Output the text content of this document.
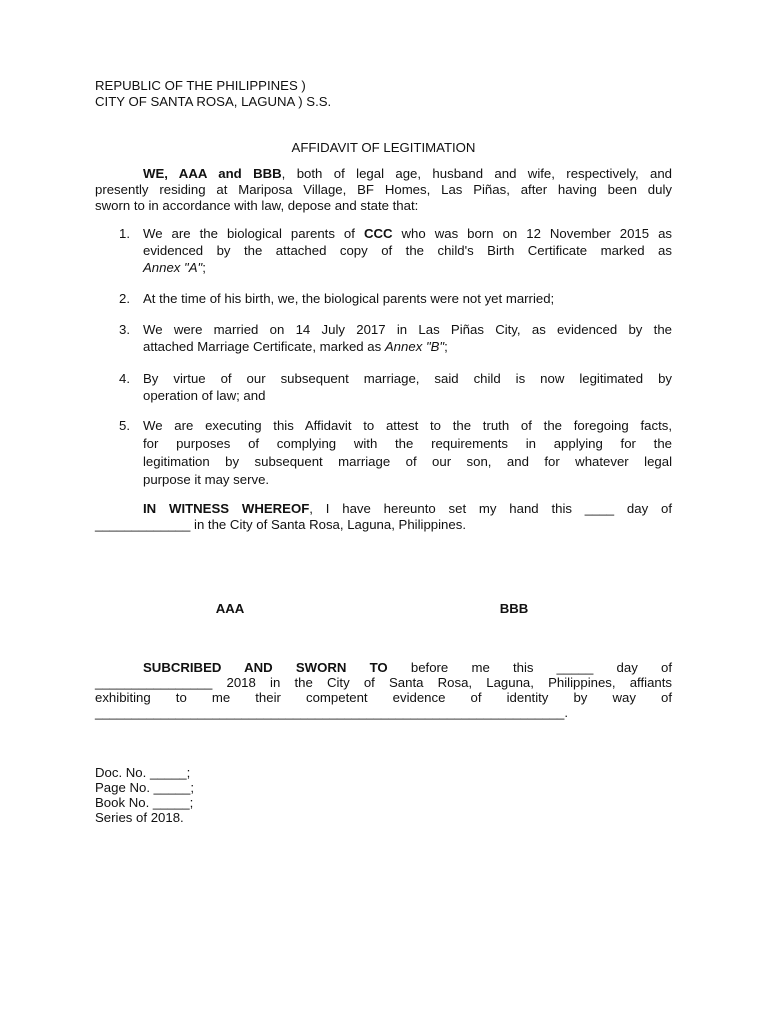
REPUBLIC OF THE PHILIPPINES )
CITY OF SANTA ROSA, LAGUNA ) S.S.
AFFIDAVIT OF LEGITIMATION
WE, AAA and BBB, both of legal age, husband and wife, respectively, and
presently residing at Mariposa Village, BF Homes, Las Piñas, after having been duly
sworn to in accordance with law, depose and state that:
1. We are the biological parents of CCC who was born on 12 November 2015 as
evidenced by the attached copy of the child's Birth Certificate marked as
Annex "A";
2. At the time of his birth, we, the biological parents were not yet married;
3. We were married on 14 July 2017 in Las Piñas City, as evidenced by the
attached Marriage Certificate, marked as Annex "B";
4. By virtue of our subsequent marriage, said child is now legitimated by
operation of law; and
5. We are executing this Affidavit to attest to the truth of the foregoing facts,
for purposes of complying with the requirements in applying for the
legitimation by subsequent marriage of our son, and for whatever legal
purpose it may serve.
IN WITNESS WHEREOF, I have hereunto set my hand this ____ day of
_____________ in the City of Santa Rosa, Laguna, Philippines.
AAA	BBB
SUBCRIBED AND SWORN TO before me this _____ day of
________________ 2018 in the City of Santa Rosa, Laguna, Philippines, affiants
exhibiting to me their competent evidence of identity by way of
________________________________________________________________.
Doc. No. _____;
Page No. _____;
Book No. _____;
Series of 2018.
